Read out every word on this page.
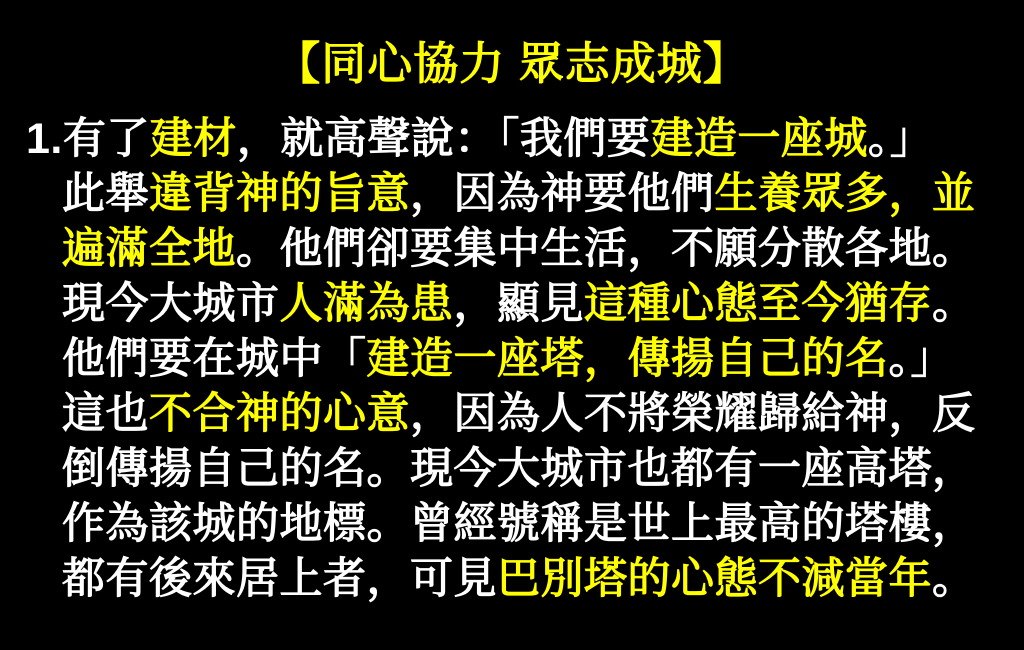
【同心協力 眾志成城】
1.有了建材，就高聲說：「我們要建造一座城。」
此舉違背神的旨意，因為神要他們生養眾多，並
遍滿全地。他們卻要集中生活，不願分散各地。
現今大城市人滿為患，顯見這種心態至今猶存。
他們要在城中「建造一座塔，傳揚自己的名。」
這也不合神的心意，因為人不將榮耀歸給神，反
倒傳揚自己的名。現今大城市也都有一座高塔，
作為該城的地標。曾經號稱是世上最高的塔樓，
都有後來居上者，可見巴別塔的心態不減當年。
